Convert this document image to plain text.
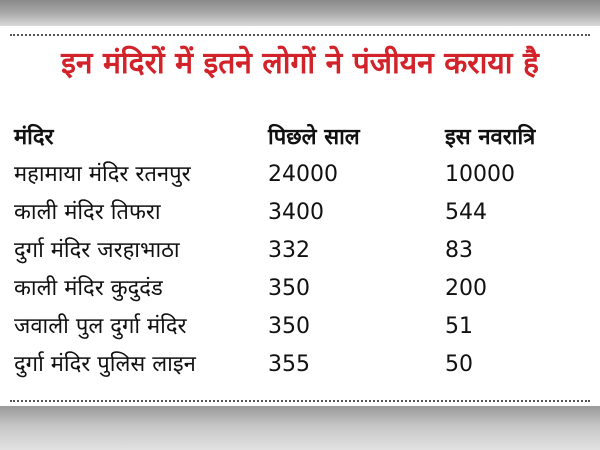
इन मंदिरों में इतने लोगों ने पंजीयन कराया है
मंदिर	पिछले साल	इस नवरात्रि
महामाया मंदिर रतनपुर	24000	10000
काली मंदिर तिफरा	3400	544
दुर्गा मंदिर जरहाभाठा	332	83
काली मंदिर कुदुदंड	350	200
जवाली पुल दुर्गा मंदिर	350	51
दुर्गा मंदिर पुलिस लाइन	355	50
